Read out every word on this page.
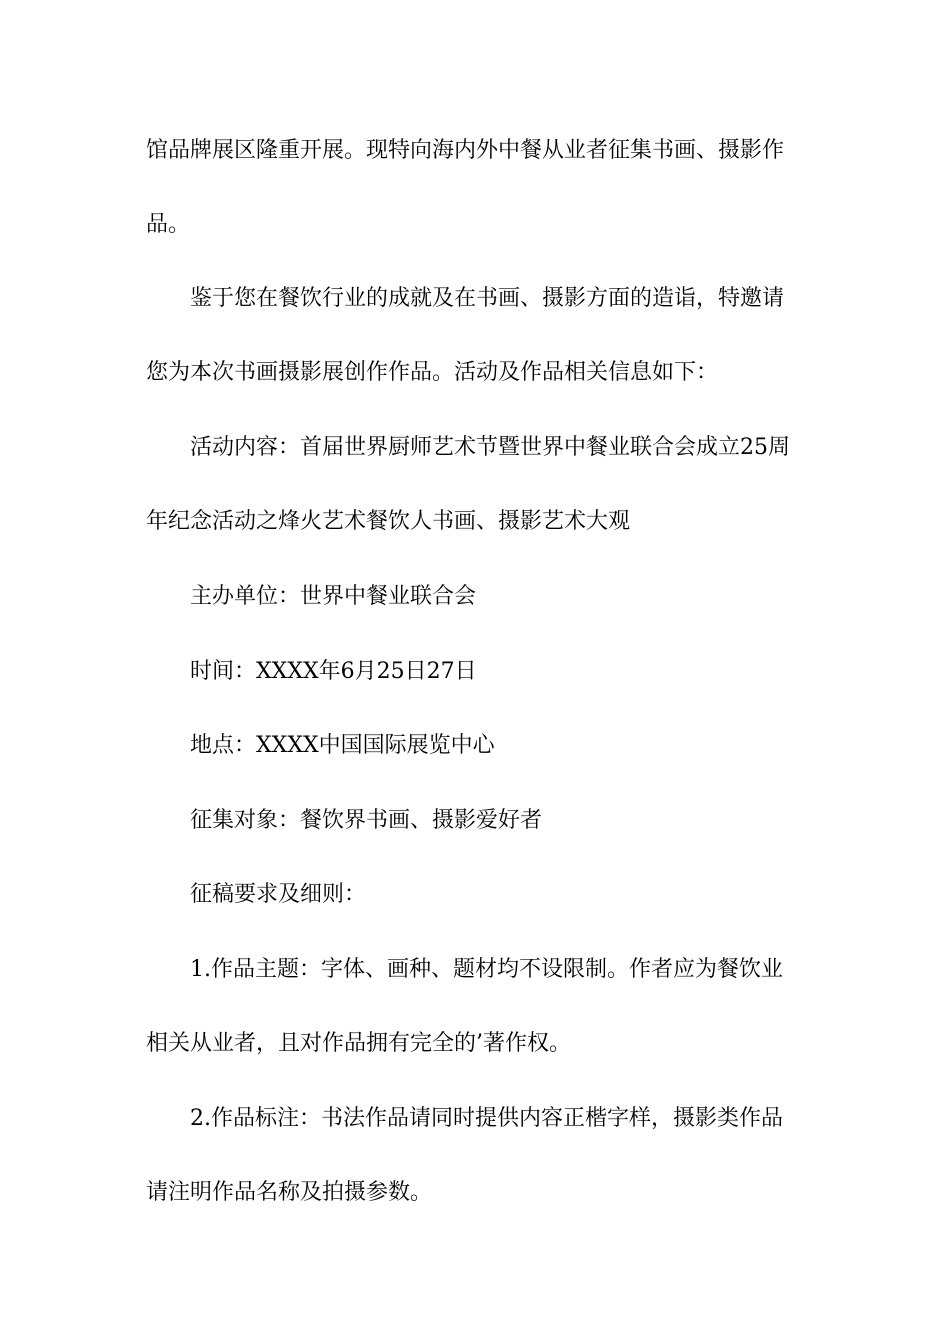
馆品牌展区隆重开展。现特向海内外中餐从业者征集书画、摄影作
品。
鉴于您在餐饮行业的成就及在书画、摄影方面的造诣，特邀请
您为本次书画摄影展创作作品。活动及作品相关信息如下：
活动内容：首届世界厨师艺术节暨世界中餐业联合会成立25周
年纪念活动之烽火艺术餐饮人书画、摄影艺术大观
主办单位：世界中餐业联合会
时间：XXXX年6月25日27日
地点：XXXX中国国际展览中心
征集对象：餐饮界书画、摄影爱好者
征稿要求及细则：
1.作品主题：字体、画种、题材均不设限制。作者应为餐饮业
相关从业者，且对作品拥有完全的’著作权。
2.作品标注：书法作品请同时提供内容正楷字样，摄影类作品
请注明作品名称及拍摄参数。
